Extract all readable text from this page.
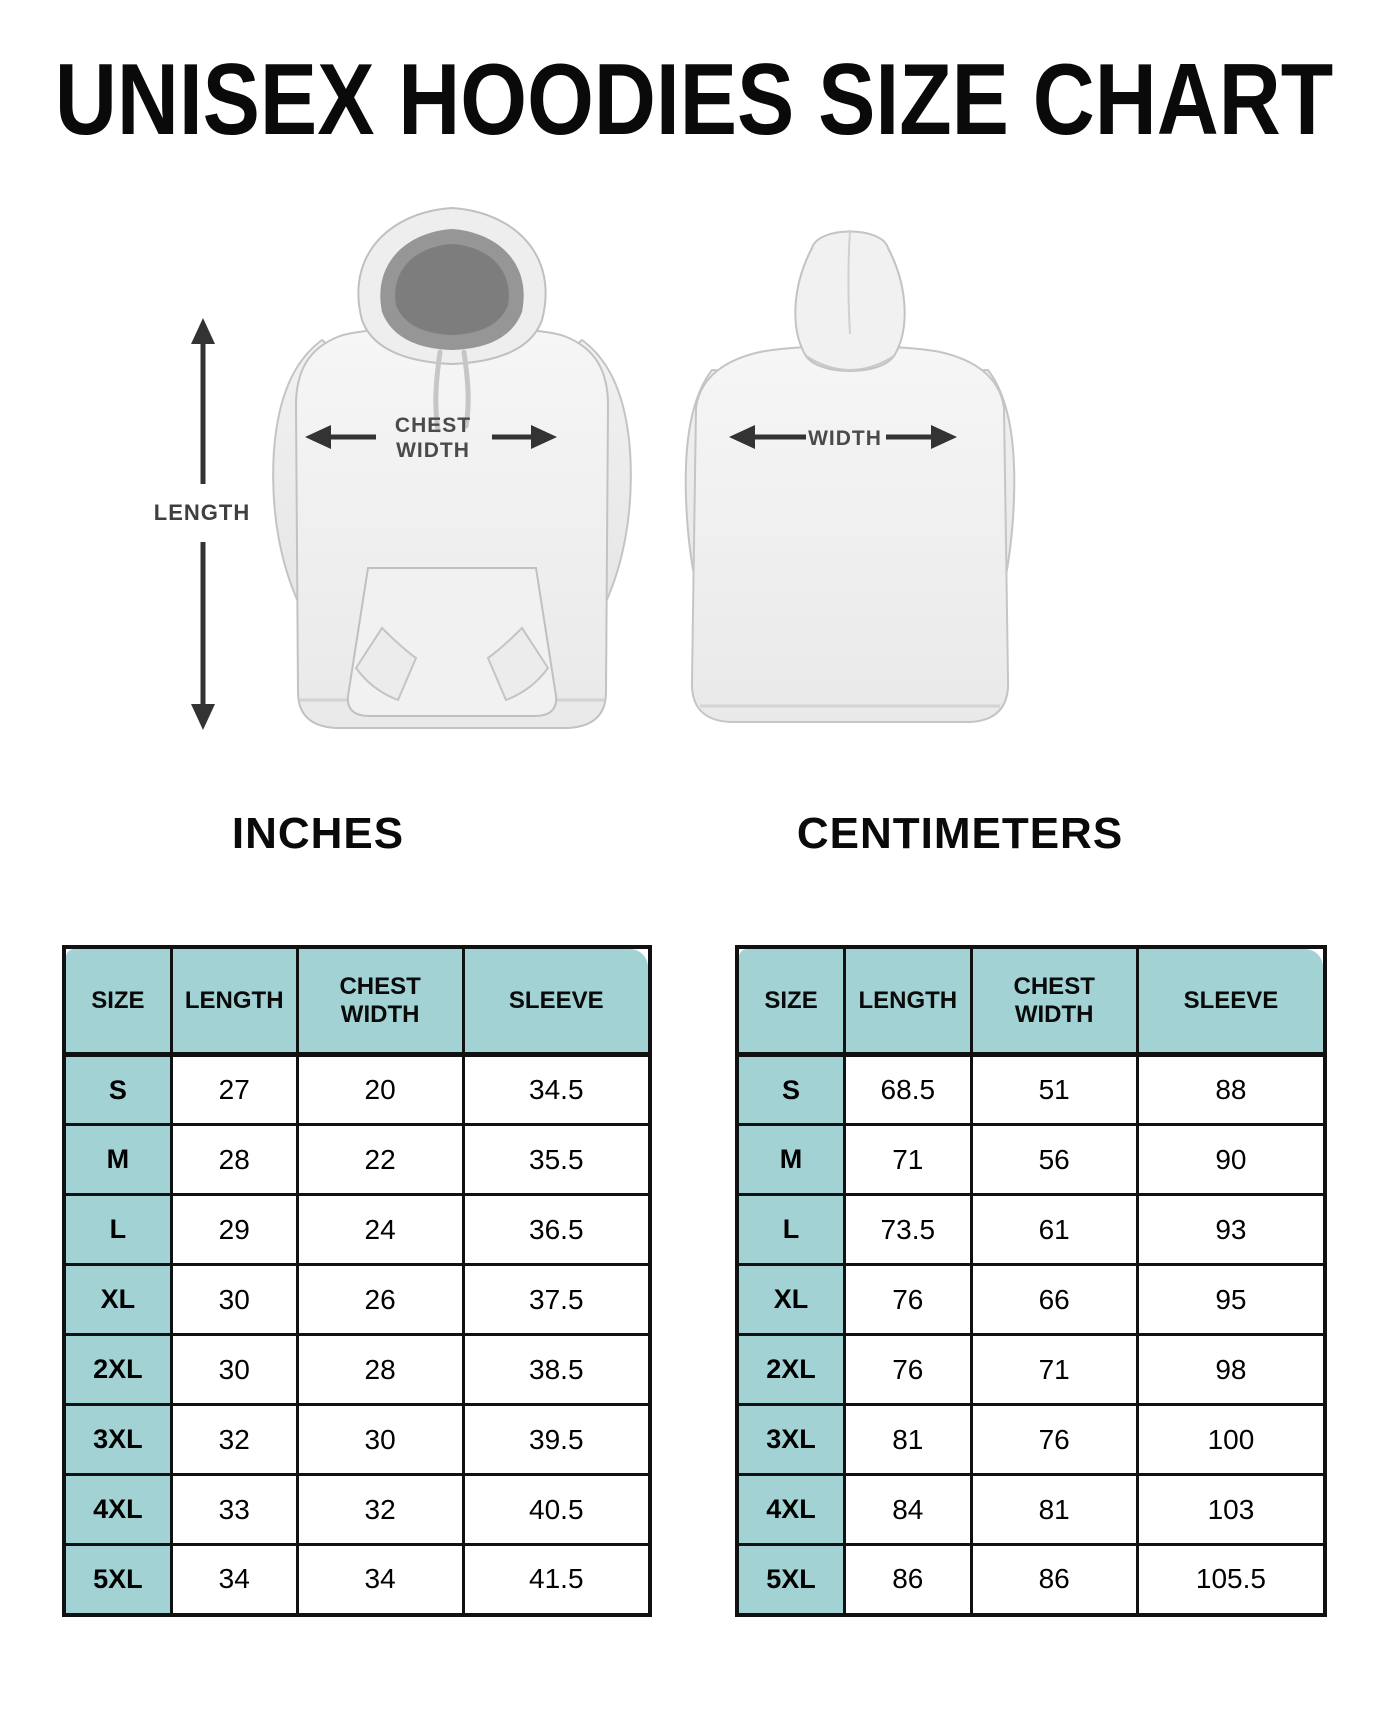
UNISEX HOODIES SIZE CHART
LENGTH
CHEST
WIDTH
WIDTH
INCHES	CENTIMETERS
SIZE	LENGTH	CHEST WIDTH	SLEEVE

S	27	20	34.5
M	28	22	35.5
L	29	24	36.5
XL	30	26	37.5
2XL	30	28	38.5
3XL	32	30	39.5
4XL	33	32	40.5
5XL	34	34	41.5
SIZE	LENGTH	CHEST WIDTH	SLEEVE

S	68.5	51	88
M	71	56	90
L	73.5	61	93
XL	76	66	95
2XL	76	71	98
3XL	81	76	100
4XL	84	81	103
5XL	86	86	105.5
